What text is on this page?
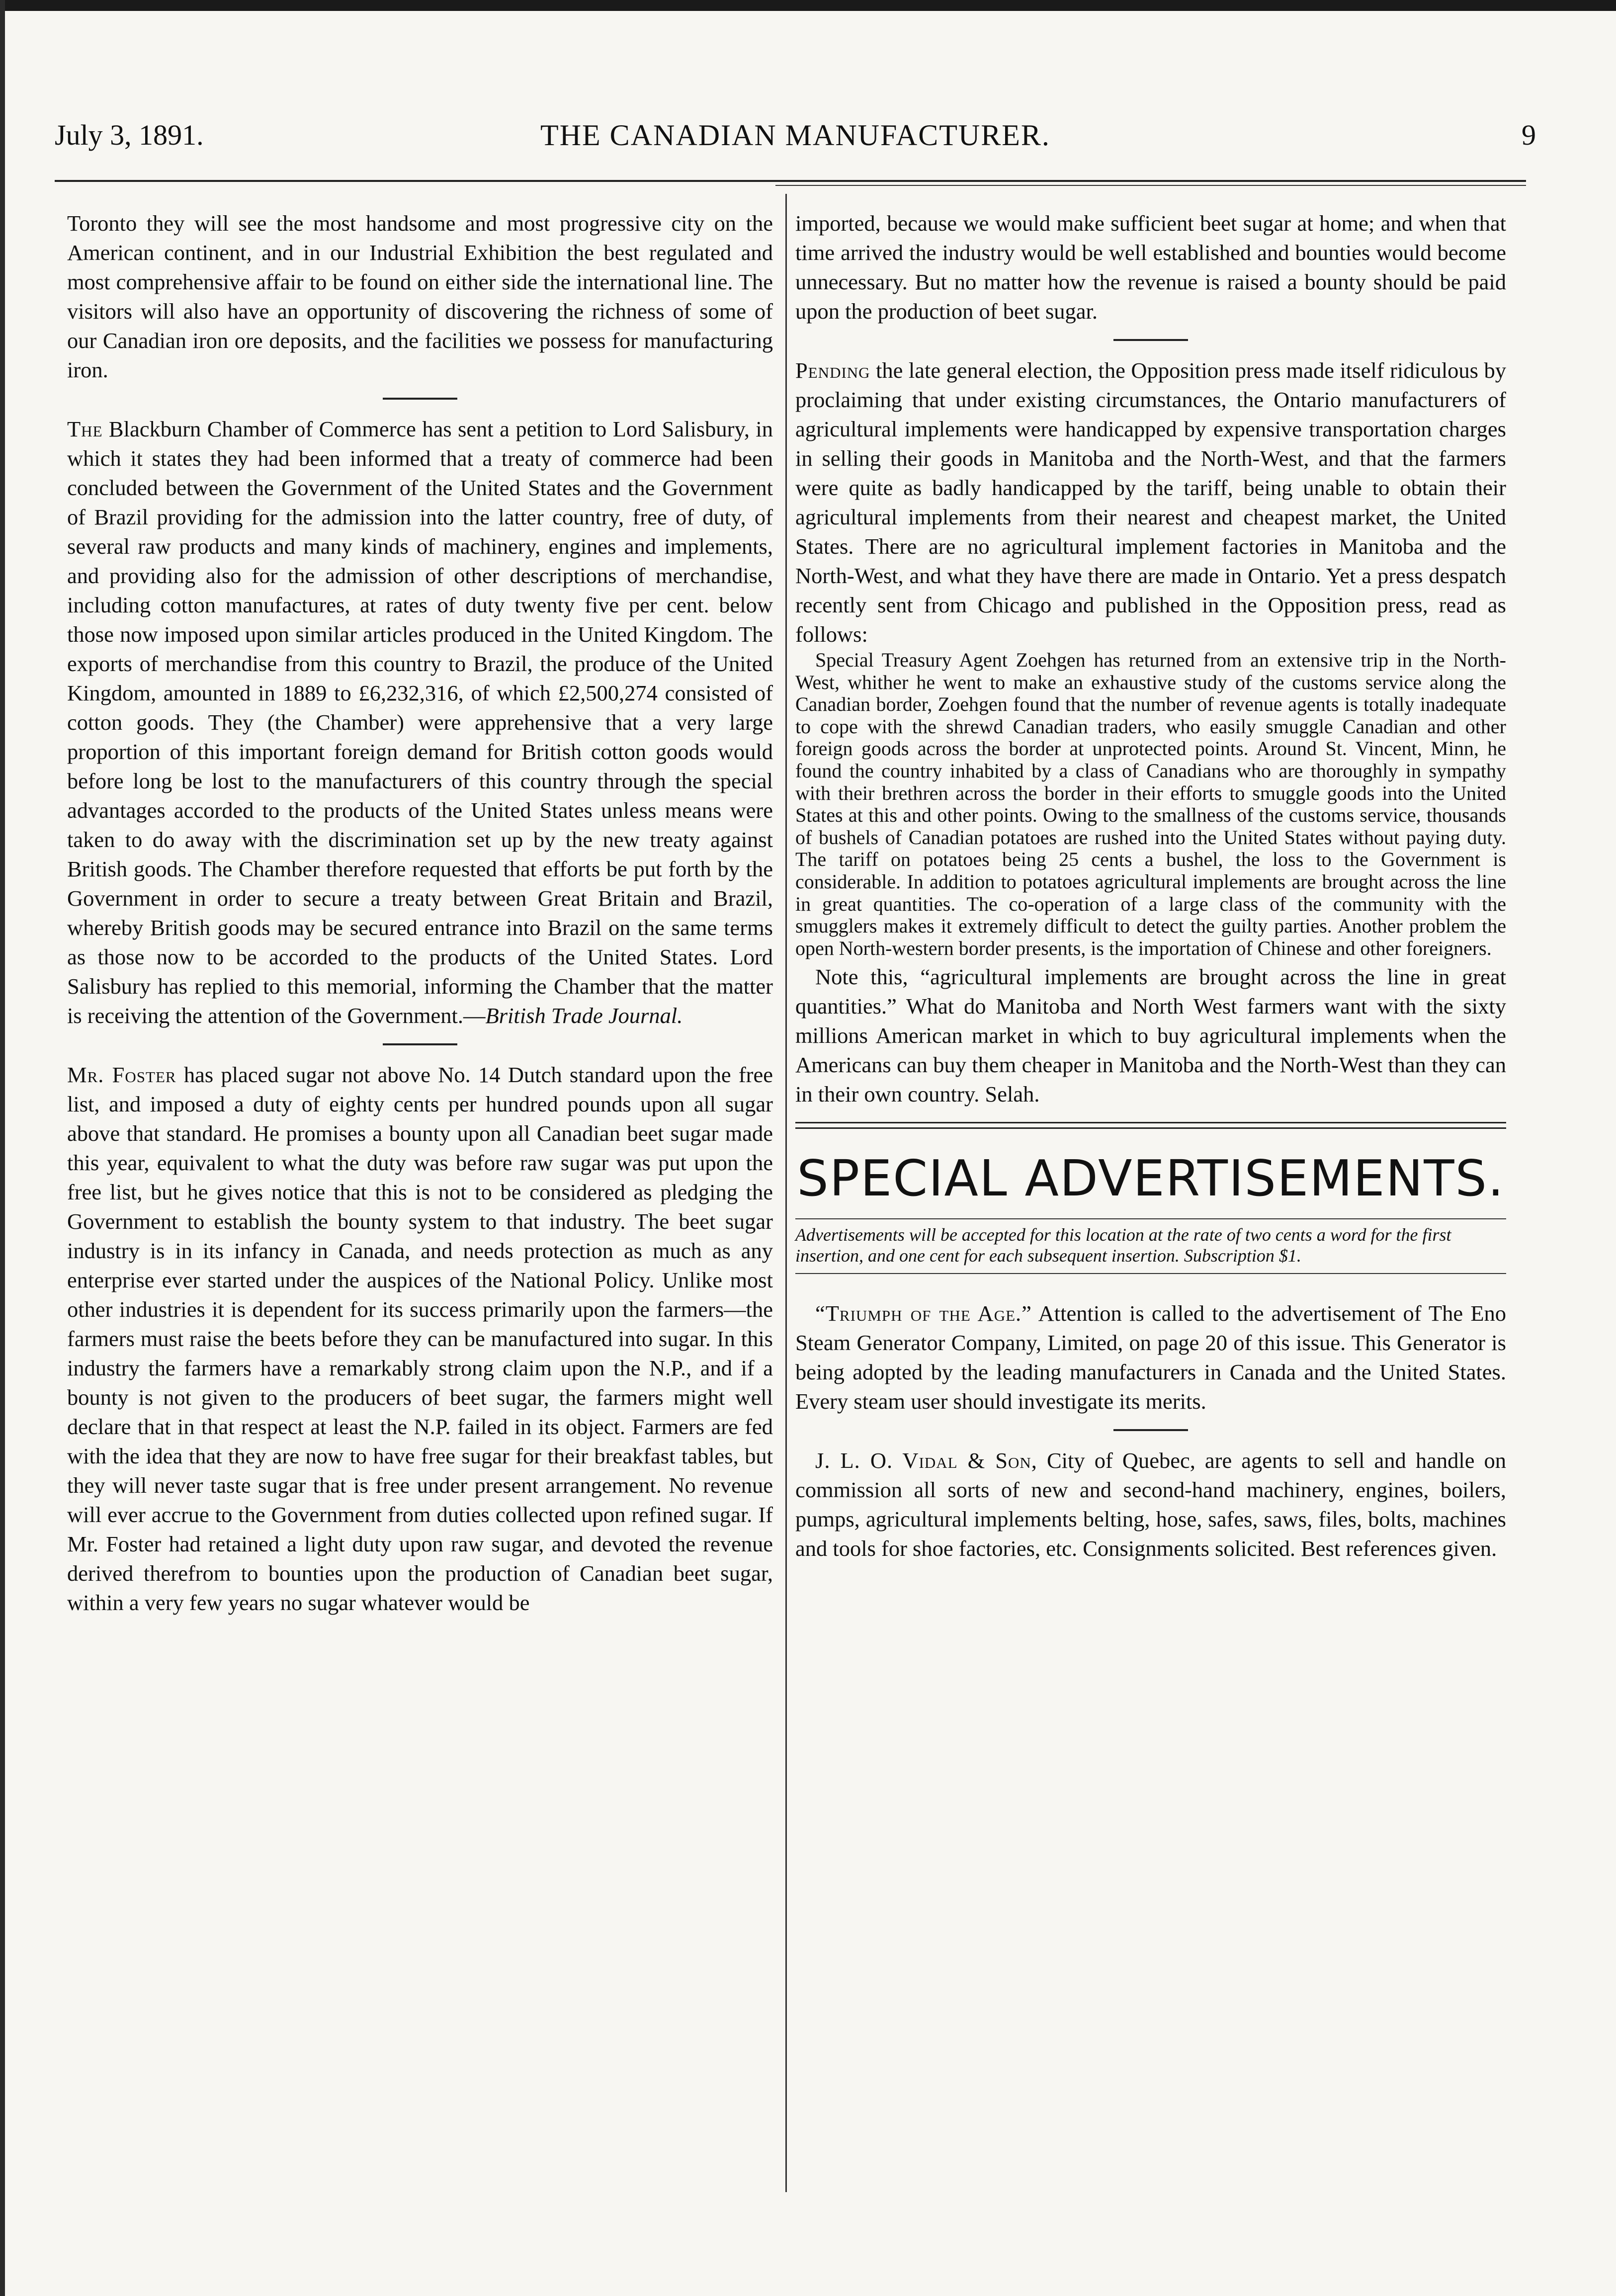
THE CANADIAN MANUFACTURER.
July 3, 1891.	9

Toronto they will see the most handsome and most progressive city on the American continent, and in our Industrial Exhibition the best regulated and most comprehensive affair to be found on either side the international line. The visitors will also have an opportunity of discovering the richness of some of our Canadian iron ore deposits, and the facilities we possess for manufacturing iron.

The Blackburn Chamber of Commerce has sent a petition to Lord Salisbury, in which it states they had been informed that a treaty of commerce had been concluded between the Government of the United States and the Government of Brazil providing for the admission into the latter country, free of duty, of several raw products and many kinds of machinery, engines and implements, and providing also for the admission of other descriptions of merchandise, including cotton manufactures, at rates of duty twenty five per cent. below those now imposed upon similar articles produced in the United Kingdom. The exports of merchandise from this country to Brazil, the produce of the United Kingdom, amounted in 1889 to £6,232,316, of which £2,500,274 consisted of cotton goods. They (the Chamber) were apprehensive that a very large proportion of this important foreign demand for British cotton goods would before long be lost to the manufacturers of this country through the special advantages accorded to the products of the United States unless means were taken to do away with the discrimination set up by the new treaty against British goods. The Chamber therefore requested that efforts be put forth by the Government in order to secure a treaty between Great Britain and Brazil, whereby British goods may be secured entrance into Brazil on the same terms as those now to be accorded to the products of the United States. Lord Salisbury has replied to this memorial, informing the Chamber that the matter is receiving the attention of the Government.—British Trade Journal.

Mr. Foster has placed sugar not above No. 14 Dutch standard upon the free list, and imposed a duty of eighty cents per hundred pounds upon all sugar above that standard. He promises a bounty upon all Canadian beet sugar made this year, equivalent to what the duty was before raw sugar was put upon the free list, but he gives notice that this is not to be considered as pledging the Government to establish the bounty system to that industry. The beet sugar industry is in its infancy in Canada, and needs protection as much as any enterprise ever started under the auspices of the National Policy. Unlike most other industries it is dependent for its success primarily upon the farmers—the farmers must raise the beets before they can be manufactured into sugar. In this industry the farmers have a remarkably strong claim upon the N.P., and if a bounty is not given to the producers of beet sugar, the farmers might well declare that in that respect at least the N.P. failed in its object. Farmers are fed with the idea that they are now to have free sugar for their breakfast tables, but they will never taste sugar that is free under present arrangement. No revenue will ever accrue to the Government from duties collected upon refined sugar. If Mr. Foster had retained a light duty upon raw sugar, and devoted the revenue derived therefrom to bounties upon the production of Canadian beet sugar, within a very few years no sugar whatever would be

imported, because we would make sufficient beet sugar at home; and when that time arrived the industry would be well established and bounties would become unnecessary. But no matter how the revenue is raised a bounty should be paid upon the production of beet sugar.

Pending the late general election, the Opposition press made itself ridiculous by proclaiming that under existing circumstances, the Ontario manufacturers of agricultural implements were handicapped by expensive transportation charges in selling their goods in Manitoba and the North-West, and that the farmers were quite as badly handicapped by the tariff, being unable to obtain their agricultural implements from their nearest and cheapest market, the United States. There are no agricultural implement factories in Manitoba and the North-West, and what they have there are made in Ontario. Yet a press despatch recently sent from Chicago and published in the Opposition press, read as follows:

Special Treasury Agent Zoehgen has returned from an extensive trip in the North-West, whither he went to make an exhaustive study of the customs service along the Canadian border, Zoehgen found that the number of revenue agents is totally inadequate to cope with the shrewd Canadian traders, who easily smuggle Canadian and other foreign goods across the border at unprotected points. Around St. Vincent, Minn, he found the country inhabited by a class of Canadians who are thoroughly in sympathy with their brethren across the border in their efforts to smuggle goods into the United States at this and other points. Owing to the smallness of the customs service, thousands of bushels of Canadian potatoes are rushed into the United States without paying duty. The tariff on potatoes being 25 cents a bushel, the loss to the Government is considerable. In addition to potatoes agricultural implements are brought across the line in great quantities. The co-operation of a large class of the community with the smugglers makes it extremely difficult to detect the guilty parties. Another problem the open North-western border presents, is the importation of Chinese and other foreigners.

Note this, “agricultural implements are brought across the line in great quantities.” What do Manitoba and North West farmers want with the sixty millions American market in which to buy agricultural implements when the Americans can buy them cheaper in Manitoba and the North-West than they can in their own country. Selah.

SPECIAL ADVERTISEMENTS.
Advertisements will be accepted for this location at the rate of two cents a word for the first insertion, and one cent for each subsequent insertion. Subscription $1.

“Triumph of the Age.” Attention is called to the advertisement of The Eno Steam Generator Company, Limited, on page 20 of this issue. This Generator is being adopted by the leading manufacturers in Canada and the United States. Every steam user should investigate its merits.

J. L. O. Vidal & Son, City of Quebec, are agents to sell and handle on commission all sorts of new and second-hand machinery, engines, boilers, pumps, agricultural implements belting, hose, safes, saws, files, bolts, machines and tools for shoe factories, etc. Consignments solicited. Best references given.
